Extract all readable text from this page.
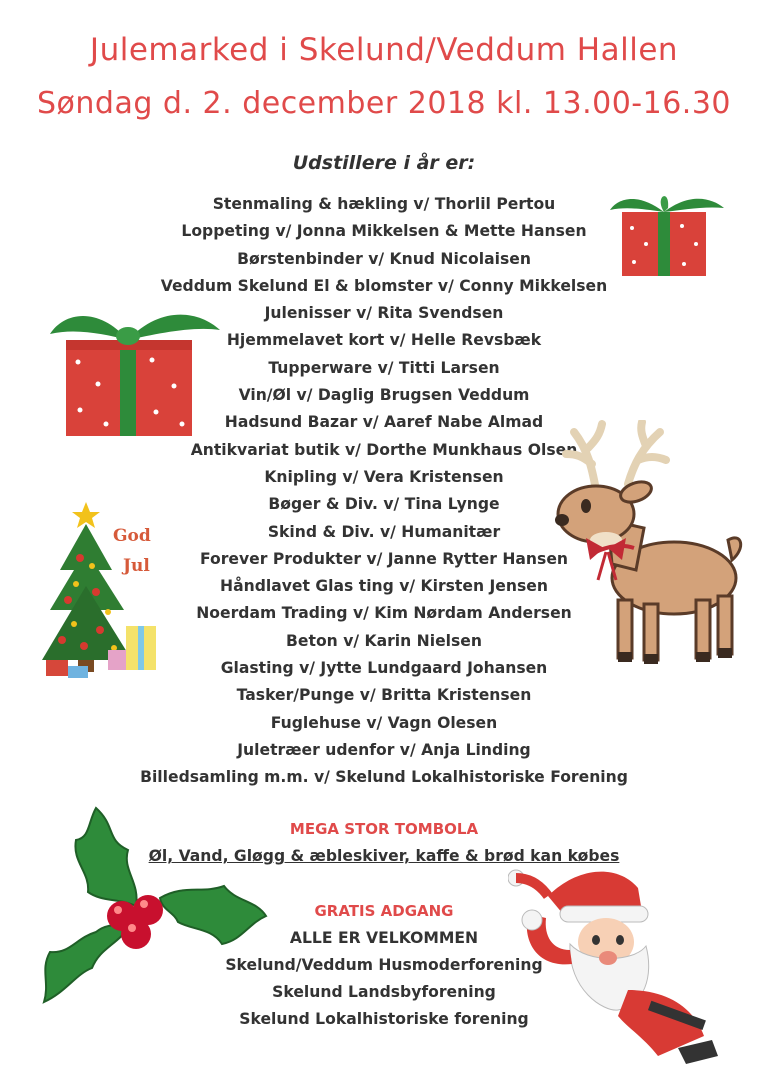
Julemarked i Skelund/Veddum Hallen
Søndag d. 2. december 2018 kl. 13.00-16.30
Udstillere i år er:
Stenmaling & hækling v/ Thorlil Pertou
Loppeting v/ Jonna Mikkelsen & Mette Hansen
Børstenbinder v/ Knud Nicolaisen
Veddum Skelund El & blomster v/ Conny Mikkelsen
Julenisser v/ Rita Svendsen
Hjemmelavet kort v/ Helle Revsbæk
Tupperware v/ Titti Larsen
Vin/Øl v/ Daglig Brugsen Veddum
Hadsund Bazar v/ Aaref Nabe Almad
Antikvariat butik v/ Dorthe Munkhaus Olsen
Knipling v/ Vera Kristensen
Bøger & Div. v/ Tina Lynge
Skind & Div. v/ Humanitær
Forever Produkter v/ Janne Rytter Hansen
Håndlavet Glas ting v/ Kirsten Jensen
Noerdam Trading v/ Kim Nørdam Andersen
Beton v/ Karin Nielsen
Glasting v/ Jytte Lundgaard Johansen
Tasker/Punge v/ Britta Kristensen
Fuglehuse v/ Vagn Olesen
Juletræer udenfor v/ Anja Linding
Billedsamling m.m. v/ Skelund Lokalhistoriske Forening
MEGA STOR TOMBOLA
Øl, Vand, Gløgg & æbleskiver, kaffe & brød kan købes
GRATIS ADGANG
ALLE ER VELKOMMEN
Skelund/Veddum Husmoderforening
Skelund Landsbyforening
Skelund Lokalhistoriske forening
God
Jul
